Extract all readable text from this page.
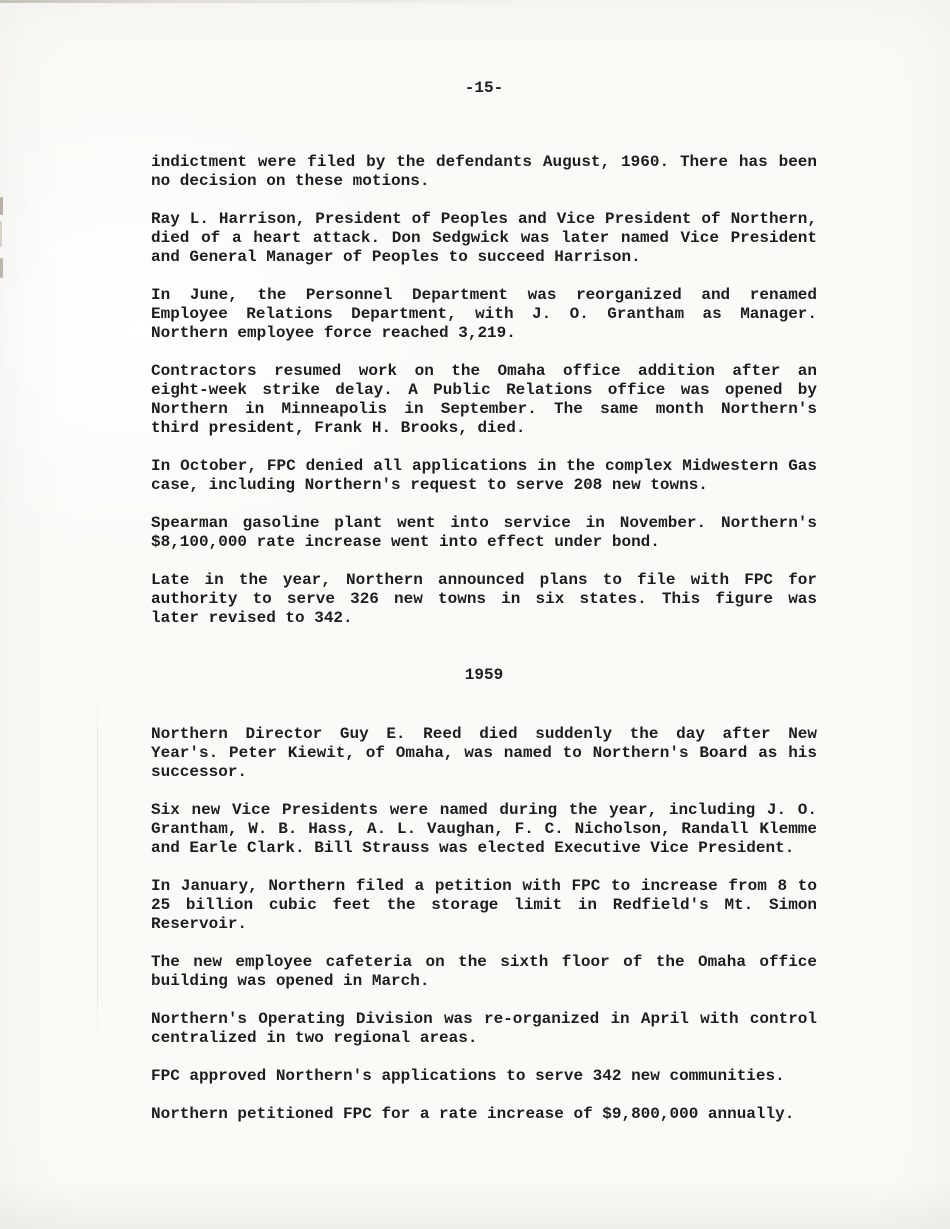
-15-
indictment were filed by the defendants August, 1960. There has been
no decision on these motions.
Ray L. Harrison, President of Peoples and Vice President of Northern,
died of a heart attack. Don Sedgwick was later named Vice President
and General Manager of Peoples to succeed Harrison.
In June, the Personnel Department was reorganized and renamed
Employee Relations Department, with J. O. Grantham as Manager.
Northern employee force reached 3,219.
Contractors resumed work on the Omaha office addition after an
eight-week strike delay. A Public Relations office was opened by
Northern in Minneapolis in September. The same month Northern's
third president, Frank H. Brooks, died.
In October, FPC denied all applications in the complex Midwestern Gas
case, including Northern's request to serve 208 new towns.
Spearman gasoline plant went into service in November. Northern's
$8,100,000 rate increase went into effect under bond.
Late in the year, Northern announced plans to file with FPC for
authority to serve 326 new towns in six states. This figure was
later revised to 342.
1959
Northern Director Guy E. Reed died suddenly the day after New
Year's. Peter Kiewit, of Omaha, was named to Northern's Board as his
successor.
Six new Vice Presidents were named during the year, including J. O.
Grantham, W. B. Hass, A. L. Vaughan, F. C. Nicholson, Randall Klemme
and Earle Clark. Bill Strauss was elected Executive Vice President.
In January, Northern filed a petition with FPC to increase from 8 to
25 billion cubic feet the storage limit in Redfield's Mt. Simon
Reservoir.
The new employee cafeteria on the sixth floor of the Omaha office
building was opened in March.
Northern's Operating Division was re-organized in April with control
centralized in two regional areas.
FPC approved Northern's applications to serve 342 new communities.
Northern petitioned FPC for a rate increase of $9,800,000 annually.
